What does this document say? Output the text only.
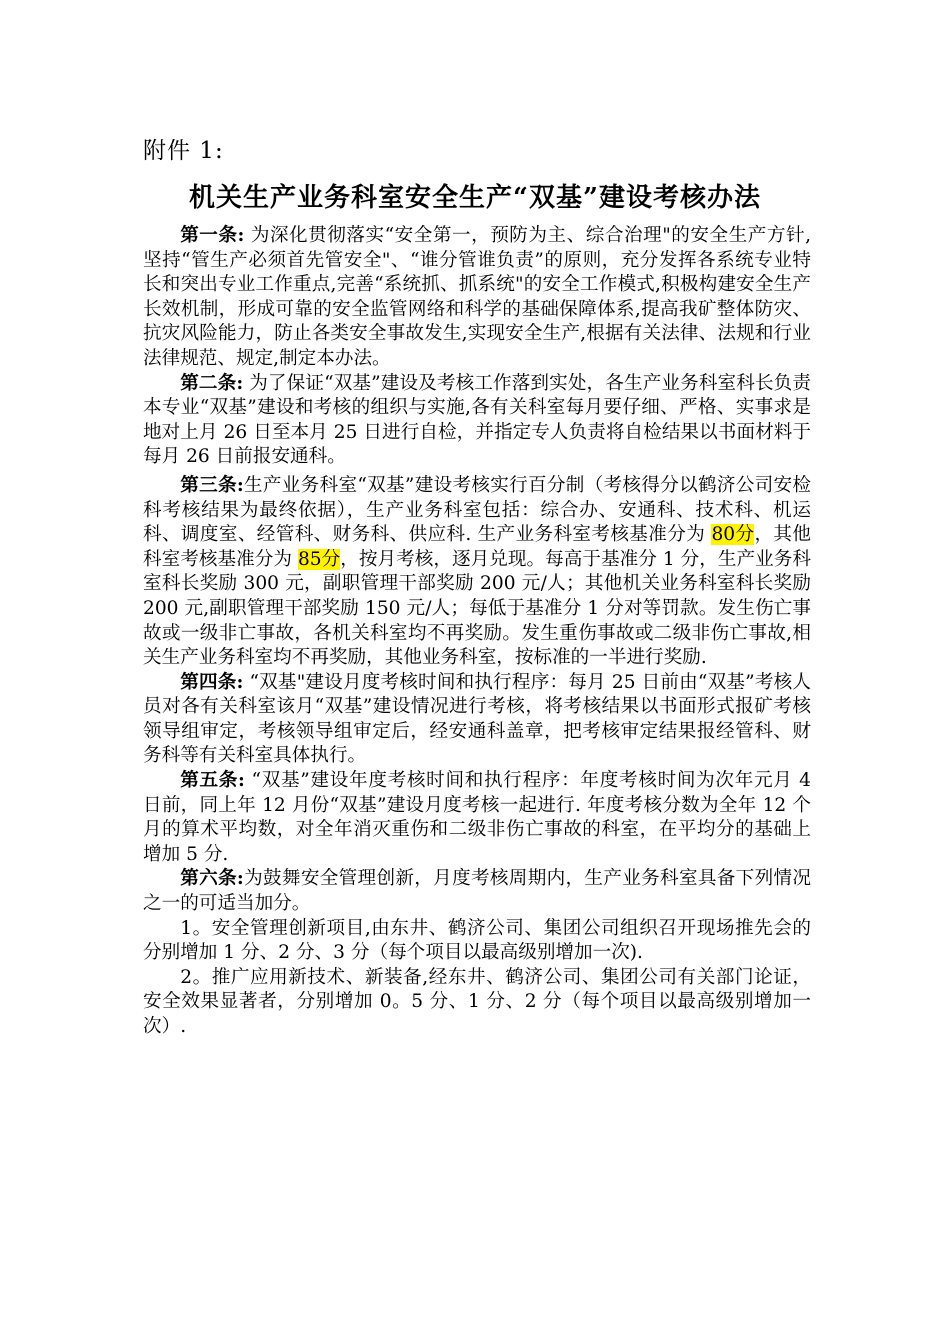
附件 1:
机关生产业务科室安全生产“双基”建设考核办法

第一条: 为深化贯彻落实“安全第一，预防为主、综合治理"的安全生产方针,坚持“管生产必须首先管安全"、“谁分管谁负责”的原则，充分发挥各系统专业特长和突出专业工作重点,完善“系统抓、抓系统"的安全工作模式,积极构建安全生产长效机制，形成可靠的安全监管网络和科学的基础保障体系,提高我矿整体防灾、抗灾风险能力，防止各类安全事故发生,实现安全生产,根据有关法律、法规和行业法律规范、规定,制定本办法。

第二条: 为了保证“双基”建设及考核工作落到实处，各生产业务科室科长负责本专业“双基”建设和考核的组织与实施,各有关科室每月要仔细、严格、实事求是地对上月 26 日至本月 25 日进行自检，并指定专人负责将自检结果以书面材料于每月 26 日前报安通科。

第三条:生产业务科室“双基”建设考核实行百分制（考核得分以鹤济公司安检科考核结果为最终依据），生产业务科室包括：综合办、安通科、技术科、机运科、调度室、经管科、财务科、供应科. 生产业务科室考核基准分为 80分，其他科室考核基准分为 85分，按月考核，逐月兑现。每高于基准分 1 分，生产业务科室科长奖励 300 元，副职管理干部奖励 200 元/人；其他机关业务科室科长奖励 200 元,副职管理干部奖励 150 元/人；每低于基准分 1 分对等罚款。发生伤亡事故或一级非亡事故，各机关科室均不再奖励。发生重伤事故或二级非伤亡事故,相关生产业务科室均不再奖励，其他业务科室，按标准的一半进行奖励.

第四条: “双基"建设月度考核时间和执行程序：每月 25 日前由“双基”考核人员对各有关科室该月“双基”建设情况进行考核，将考核结果以书面形式报矿考核领导组审定，考核领导组审定后，经安通科盖章，把考核审定结果报经管科、财务科等有关科室具体执行。

第五条: “双基”建设年度考核时间和执行程序：年度考核时间为次年元月 4 日前，同上年 12 月份“双基”建设月度考核一起进行. 年度考核分数为全年 12 个月的算术平均数，对全年消灭重伤和二级非伤亡事故的科室，在平均分的基础上增加 5 分.

第六条:为鼓舞安全管理创新，月度考核周期内，生产业务科室具备下列情况之一的可适当加分。

1。安全管理创新项目,由东井、鹤济公司、集团公司组织召开现场推先会的分别增加 1 分、2 分、3 分（每个项目以最高级别增加一次).

2。推广应用新技术、新装备,经东井、鹤济公司、集团公司有关部门论证，安全效果显著者，分别增加 0。5 分、1 分、2 分（每个项目以最高级别增加一次）.
